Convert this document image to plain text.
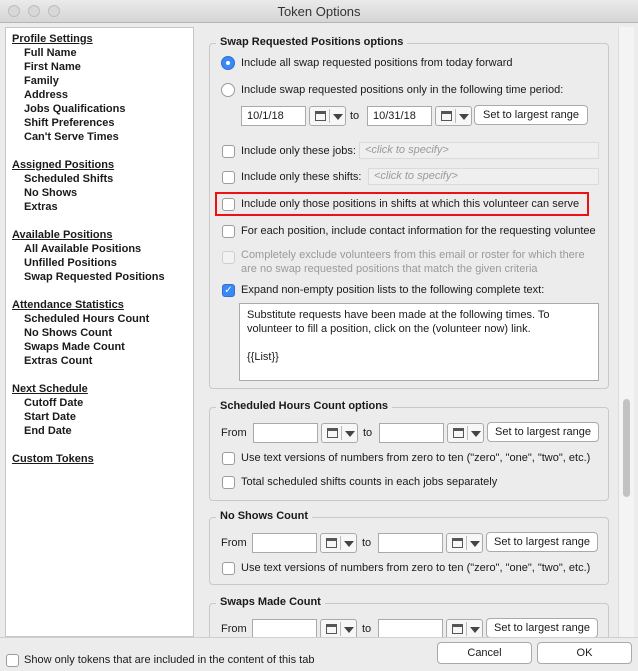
Token Options
Profile Settings
Full Name
First Name
Family
Address
Jobs Qualifications
Shift Preferences
Can't Serve Times
Assigned Positions
Scheduled Shifts
No Shows
Extras
Available Positions
All Available Positions
Unfilled Positions
Swap Requested Positions
Attendance Statistics
Scheduled Hours Count
No Shows Count
Swaps Made Count
Extras Count
Next Schedule
Cutoff Date
Start Date
End Date
Custom Tokens
Swap Requested Positions options
Include all swap requested positions from today forward
Include swap requested positions only in the following time period:
10/1/18	to	10/31/18	Set to largest range
Include only these jobs: <click to specify>
Include only these shifts:	<click to specify>
Include only those positions in shifts at which this volunteer can serve
For each position, include contact information for the requesting voluntee
Completely exclude volunteers from this email or roster for which there
are no swap requested positions that match the given criteria
✓ Expand non-empty position lists to the following complete text:
Substitute requests have been made at the following times. To
volunteer to fill a position, click on the (volunteer now) link.
{{List}}
Scheduled Hours Count options
From	to	Set to largest range
Use text versions of numbers from zero to ten ("zero", "one", "two", etc.)
Total scheduled shifts counts in each jobs separately
No Shows Count
From	to	Set to largest range
Use text versions of numbers from zero to ten ("zero", "one", "two", etc.)
Swaps Made Count
From	to	Set to largest range
Show only tokens that are included in the content of this tab
Cancel	OK
